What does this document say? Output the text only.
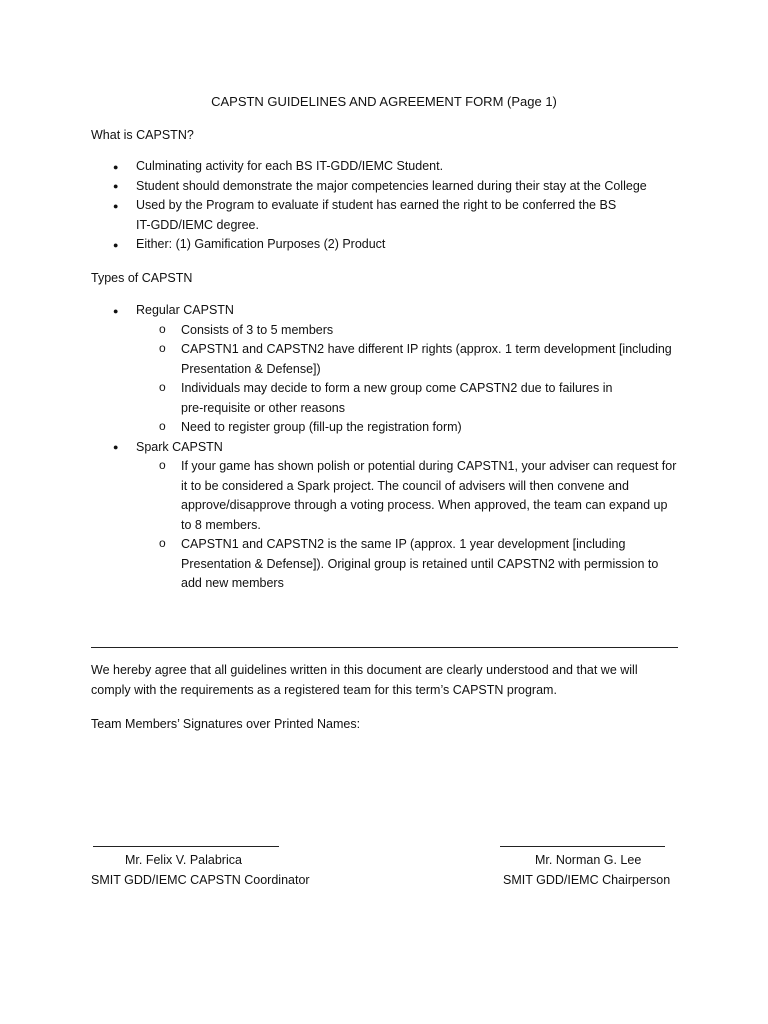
CAPSTN GUIDELINES AND AGREEMENT FORM (Page 1)
What is CAPSTN?
● Culminating activity for each BS IT-GDD/IEMC Student.
● Student should demonstrate the major competencies learned during their stay at the College
● Used by the Program to evaluate if student has earned the right to be conferred the BS
IT-GDD/IEMC degree.
● Either: (1) Gamification Purposes (2) Product
Types of CAPSTN
● Regular CAPSTN
o Consists of 3 to 5 members
o CAPSTN1 and CAPSTN2 have different IP rights (approx. 1 term development [including
Presentation & Defense])
o Individuals may decide to form a new group come CAPSTN2 due to failures in
pre-requisite or other reasons
o Need to register group (fill-up the registration form)
● Spark CAPSTN
o If your game has shown polish or potential during CAPSTN1, your adviser can request for
it to be considered a Spark project. The council of advisers will then convene and
approve/disapprove through a voting process. When approved, the team can expand up
to 8 members.
o CAPSTN1 and CAPSTN2 is the same IP (approx. 1 year development [including
Presentation & Defense]). Original group is retained until CAPSTN2 with permission to
add new members
We hereby agree that all guidelines written in this document are clearly understood and that we will
comply with the requirements as a registered team for this term’s CAPSTN program.
Team Members’ Signatures over Printed Names:
Mr. Felix V. Palabrica
SMIT GDD/IEMC CAPSTN Coordinator
Mr. Norman G. Lee
SMIT GDD/IEMC Chairperson
